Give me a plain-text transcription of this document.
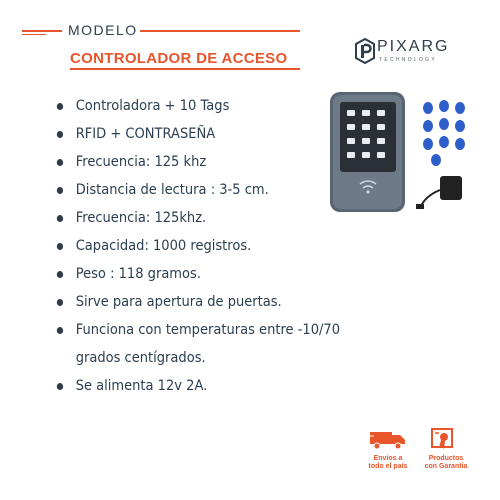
MODELO
CONTROLADOR DE ACCESO
PIXARG
TECHNOLOGY
Controladora + 10 Tags
RFID + CONTRASEÑA
Frecuencia: 125 khz
Distancia de lectura : 3-5 cm.
Frecuencia: 125khz.
Capacidad: 1000 registros.
Peso : 118 gramos.
Sirve para apertura de puertas.
Funciona con temperaturas entre -10/70
grados centígrados.
Se alimenta 12v 2A.
Envíos a
todo el país
Productos
con Garantía
